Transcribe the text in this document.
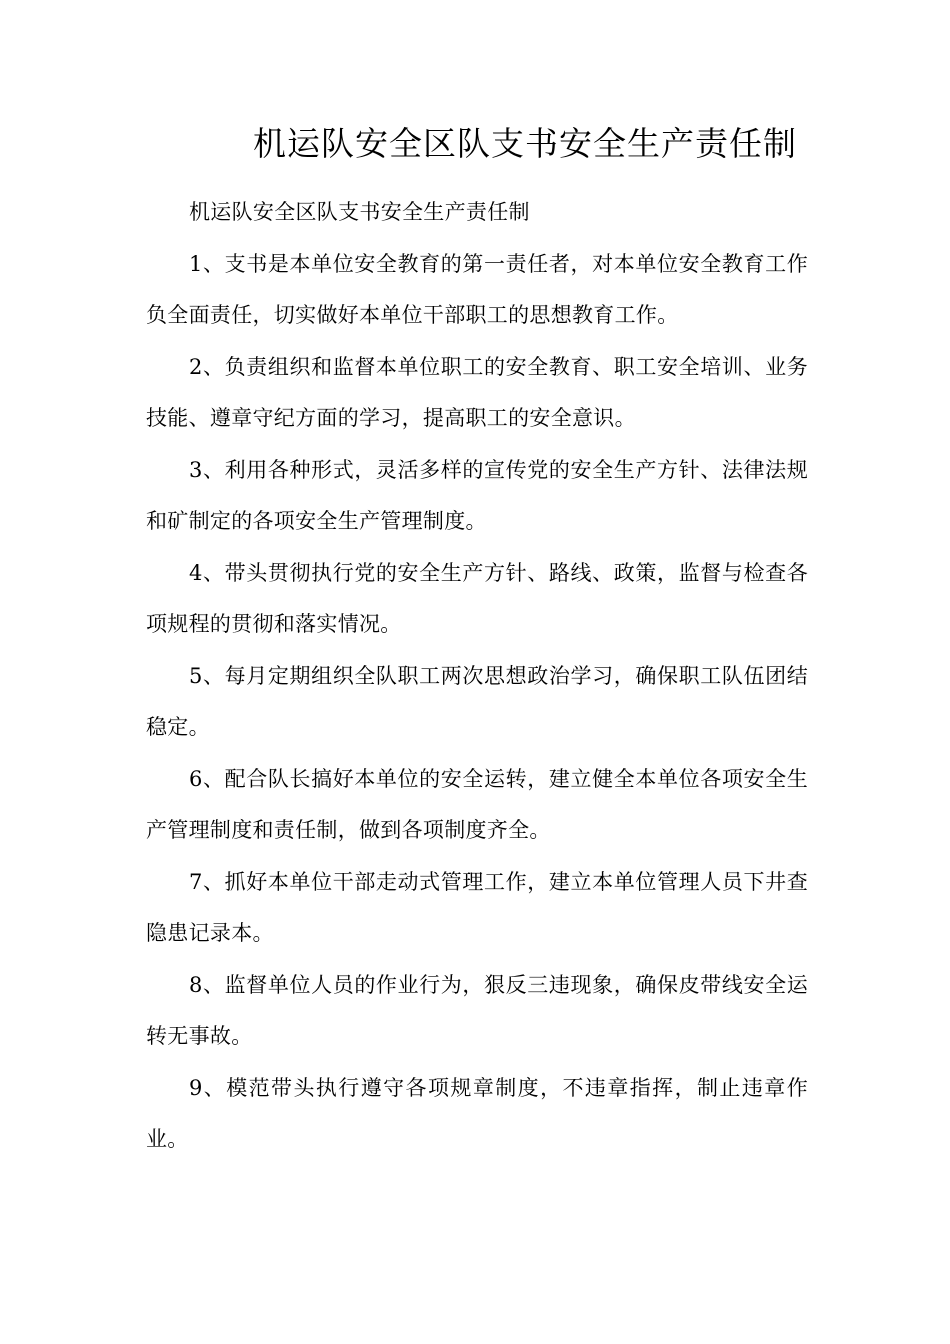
机运队安全区队支书安全生产责任制

机运队安全区队支书安全生产责任制

1、支书是本单位安全教育的第一责任者，对本单位安全教育工作负全面责任，切实做好本单位干部职工的思想教育工作。

2、负责组织和监督本单位职工的安全教育、职工安全培训、业务技能、遵章守纪方面的学习，提高职工的安全意识。

3、利用各种形式，灵活多样的宣传党的安全生产方针、法律法规和矿制定的各项安全生产管理制度。

4、带头贯彻执行党的安全生产方针、路线、政策，监督与检查各项规程的贯彻和落实情况。

5、每月定期组织全队职工两次思想政治学习，确保职工队伍团结稳定。

6、配合队长搞好本单位的安全运转，建立健全本单位各项安全生产管理制度和责任制，做到各项制度齐全。

7、抓好本单位干部走动式管理工作，建立本单位管理人员下井查隐患记录本。

8、监督单位人员的作业行为，狠反三违现象，确保皮带线安全运转无事故。

9、模范带头执行遵守各项规章制度，不违章指挥，制止违章作业。
